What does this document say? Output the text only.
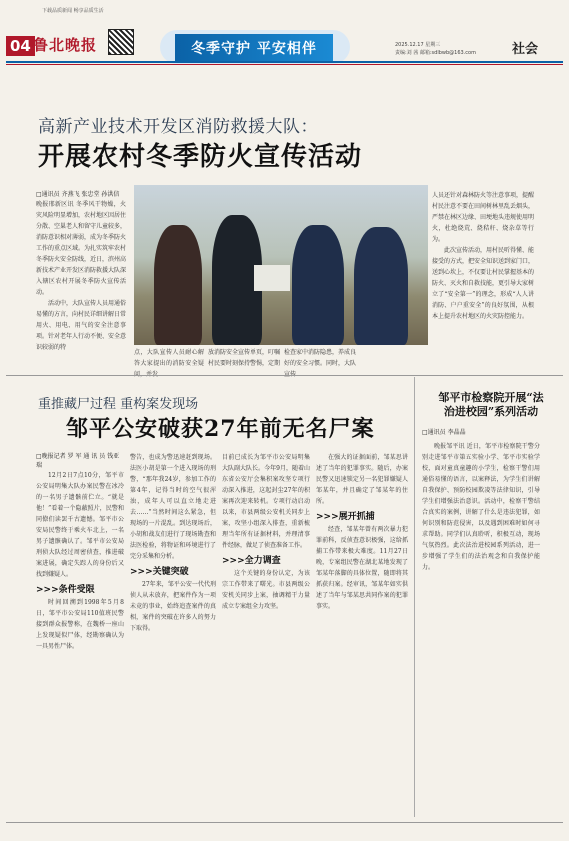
下载品质新闻 畅享品质生活
04 鲁北晚报	冬季守护 平安相伴	2025.12.17 星期三
责编:刘 茜 邮箱:sdlbwb@163.com	社会
高新产业技术开发区消防救援大队：
开展农村冬季防火宣传活动
□通讯员 齐燕飞 张忠堂 孙洪信
晚报邢新区讯 冬季风干物燥，火灾风险明显增加，农村地区因居住分散、空巢老人和留守儿童较多，消防意识相对薄弱，成为冬季防火工作的重点区域。为扎实筑牢农村冬季防火安全防线，近日，滨州高新技术产业开发区消防救援大队深入辖区农村开展冬季防火宣传活动。
活动中，大队宣传人员用通俗易懂的方言，向村民详细讲解日常用火、用电、用气的安全注意事项。针对老年人行动不便、安全意识较弱的特
点，大队宣传人员耐心解答大家提出的消防安全疑
放消防安全宣传单页，叮嘱村民要时刻保持警惕，定期
检查家中消防隐患，养成良好的安全习惯。同时，大队
人员还针对森林防火等注意事项，提醒村民注意不要在田间树林里乱丢烟头，严禁在林区边缘、田埂地头违规使用明火，杜绝烧荒、烧秸秆、烧杂草等行为。
此次宣传活动，用村民听得懂、能接受的方式，把安全知识送到家门口，送到心坎上，不仅要让村民掌握基本的防火、灭火和自救技能，更引导大家树立了“安全第一”的理念，形成“人人讲消防、户户重安全”的良好氛围，从根本上提升农村地区的火灾防控能力。
重推藏尸过程 重构案发现场
邹平公安破获27年前无名尸案
□晚报记者 罗 军 通 讯 员 钱亚瑞
12月2日7点10分，邹平市公安局明集大队办案民警在冰冷的一名男子遗骸前伫立。“就是他！”看着一个隐蔽照片，民警和同僚们读罢千古遗憾。邹平市公安局民警终于乘火车北上，一名男子遗骸确认了。邹平市公安局刑侦大队经过周密侦查，推进破案进展，确定失踪人的身份后又找到嫌疑人。
>>>条件受限
时间回溯到1998年5月8日，邹平市公安局110值班民警接到群众报警称，在魏桥一座山上发现疑似尸体，经勘察确认为一具男性尸体。
警告，也成为警迅速赶到现场。法医小胡是第一个进入现场的刑警，“那年我24岁，参加工作的第4年，记得当时的空气很浑浊，成年人可以直立地走进去……”当然时间这么紧急，但现场的一片混乱。到达现场后，小胡和战友们进行了现场勘查和法医检验，将物证和环境进行了完分采集和分析。
>>>关键突破
27年来，邹平公安一代代刑侦人从未放弃，把案件作为一项未竟的事业，始终追查案件的真相，案件的突破在许多人的努力下取得。
目前已成长为邹平市公安局明集大队副大队长。今年9月，随着山东省公安厅会集积案攻坚专项行动深入推进，这起封尘27年的积案再次迎来转机。专项行动启动以来，市县两级公安机关同步上案，攻坚小组深入排查，重新梳理当年所有证据材料，并理清事件经脉，做足了侦查准备工作。
>>>全力调查
这个关键的身份认定，为该宗工作带来了曙光。市县两级公安机关同步上案，抽调精干力量成立专案组全力攻坚。
在强大的证据面前，邹某思讲述了当年的犯罪事实。随后，办案民警又迅速锁定另一名犯罪嫌疑人邹某年，并且确定了邹某年的住所。
>>>展开抓捕
经查，邹某年曾有两次暴力犯罪前科，反侦查意识极强，这给抓捕工作带来极大难度。11月27日晚，专案组民警在湖北某地发现了邹某年落脚的具体位置，随即将其抓获归案。经审讯，邹某年如实供述了当年与邹某思共同作案的犯罪事实。
邹平市检察院开展“法治进校园”系列活动
□通讯员 李晶晶
晚报邹平讯 近日，邹平市检察院干警分别走进邹平市第五实验小学、邹平市实验学校，面对童真童趣的小学生，检察干警们用通俗易懂的语言，以案释法，为学生们讲解自我保护、预防校园欺凌等法律知识，引导学生们增强法治意识。活动中，检察干警结合真实的案例，讲解了什么是违法犯罪，如何识别和防范侵害，以及遇到困难时如何寻求帮助。同学们认真聆听，积极互动，现场气氛热烈。此次法治进校园系列活动，进一步增强了学生们的法治观念和自我保护能力。
